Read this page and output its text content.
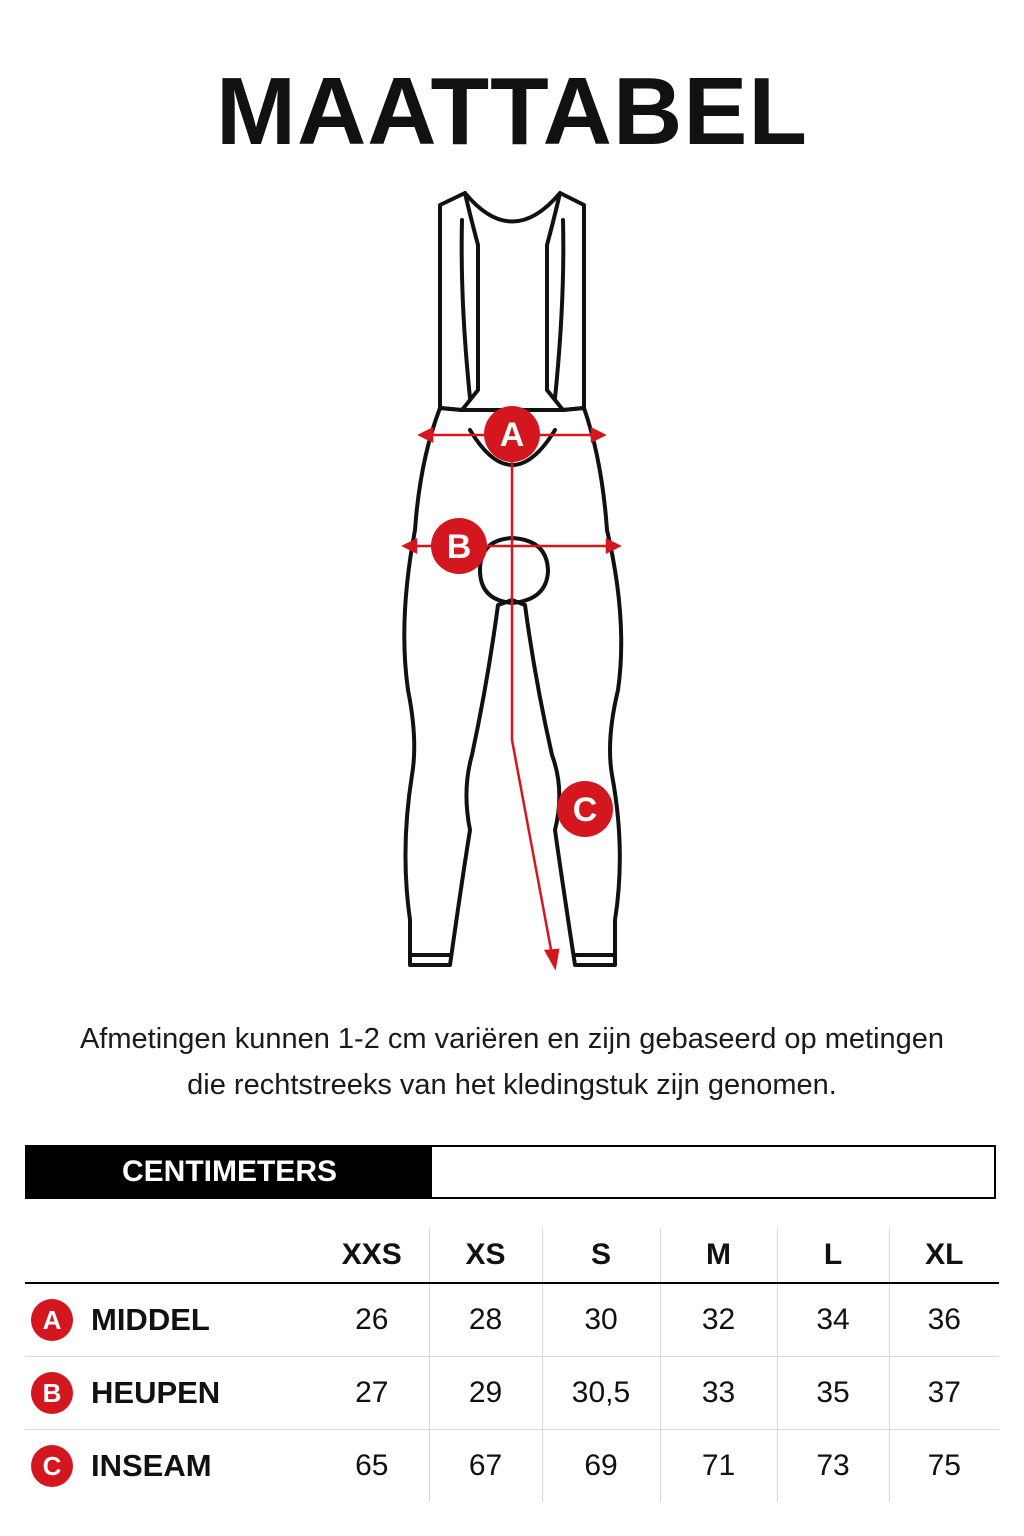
MAATTABEL
A
B
C
Afmetingen kunnen 1-2 cm variëren en zijn gebaseerd op metingen
die rechtstreeks van het kledingstuk zijn genomen.
CENTIMETERS
	XXS	XS	S	M	L	XL
A MIDDEL	26	28	30	32	34	36
B HEUPEN	27	29	30,5	33	35	37
C INSEAM	65	67	69	71	73	75
